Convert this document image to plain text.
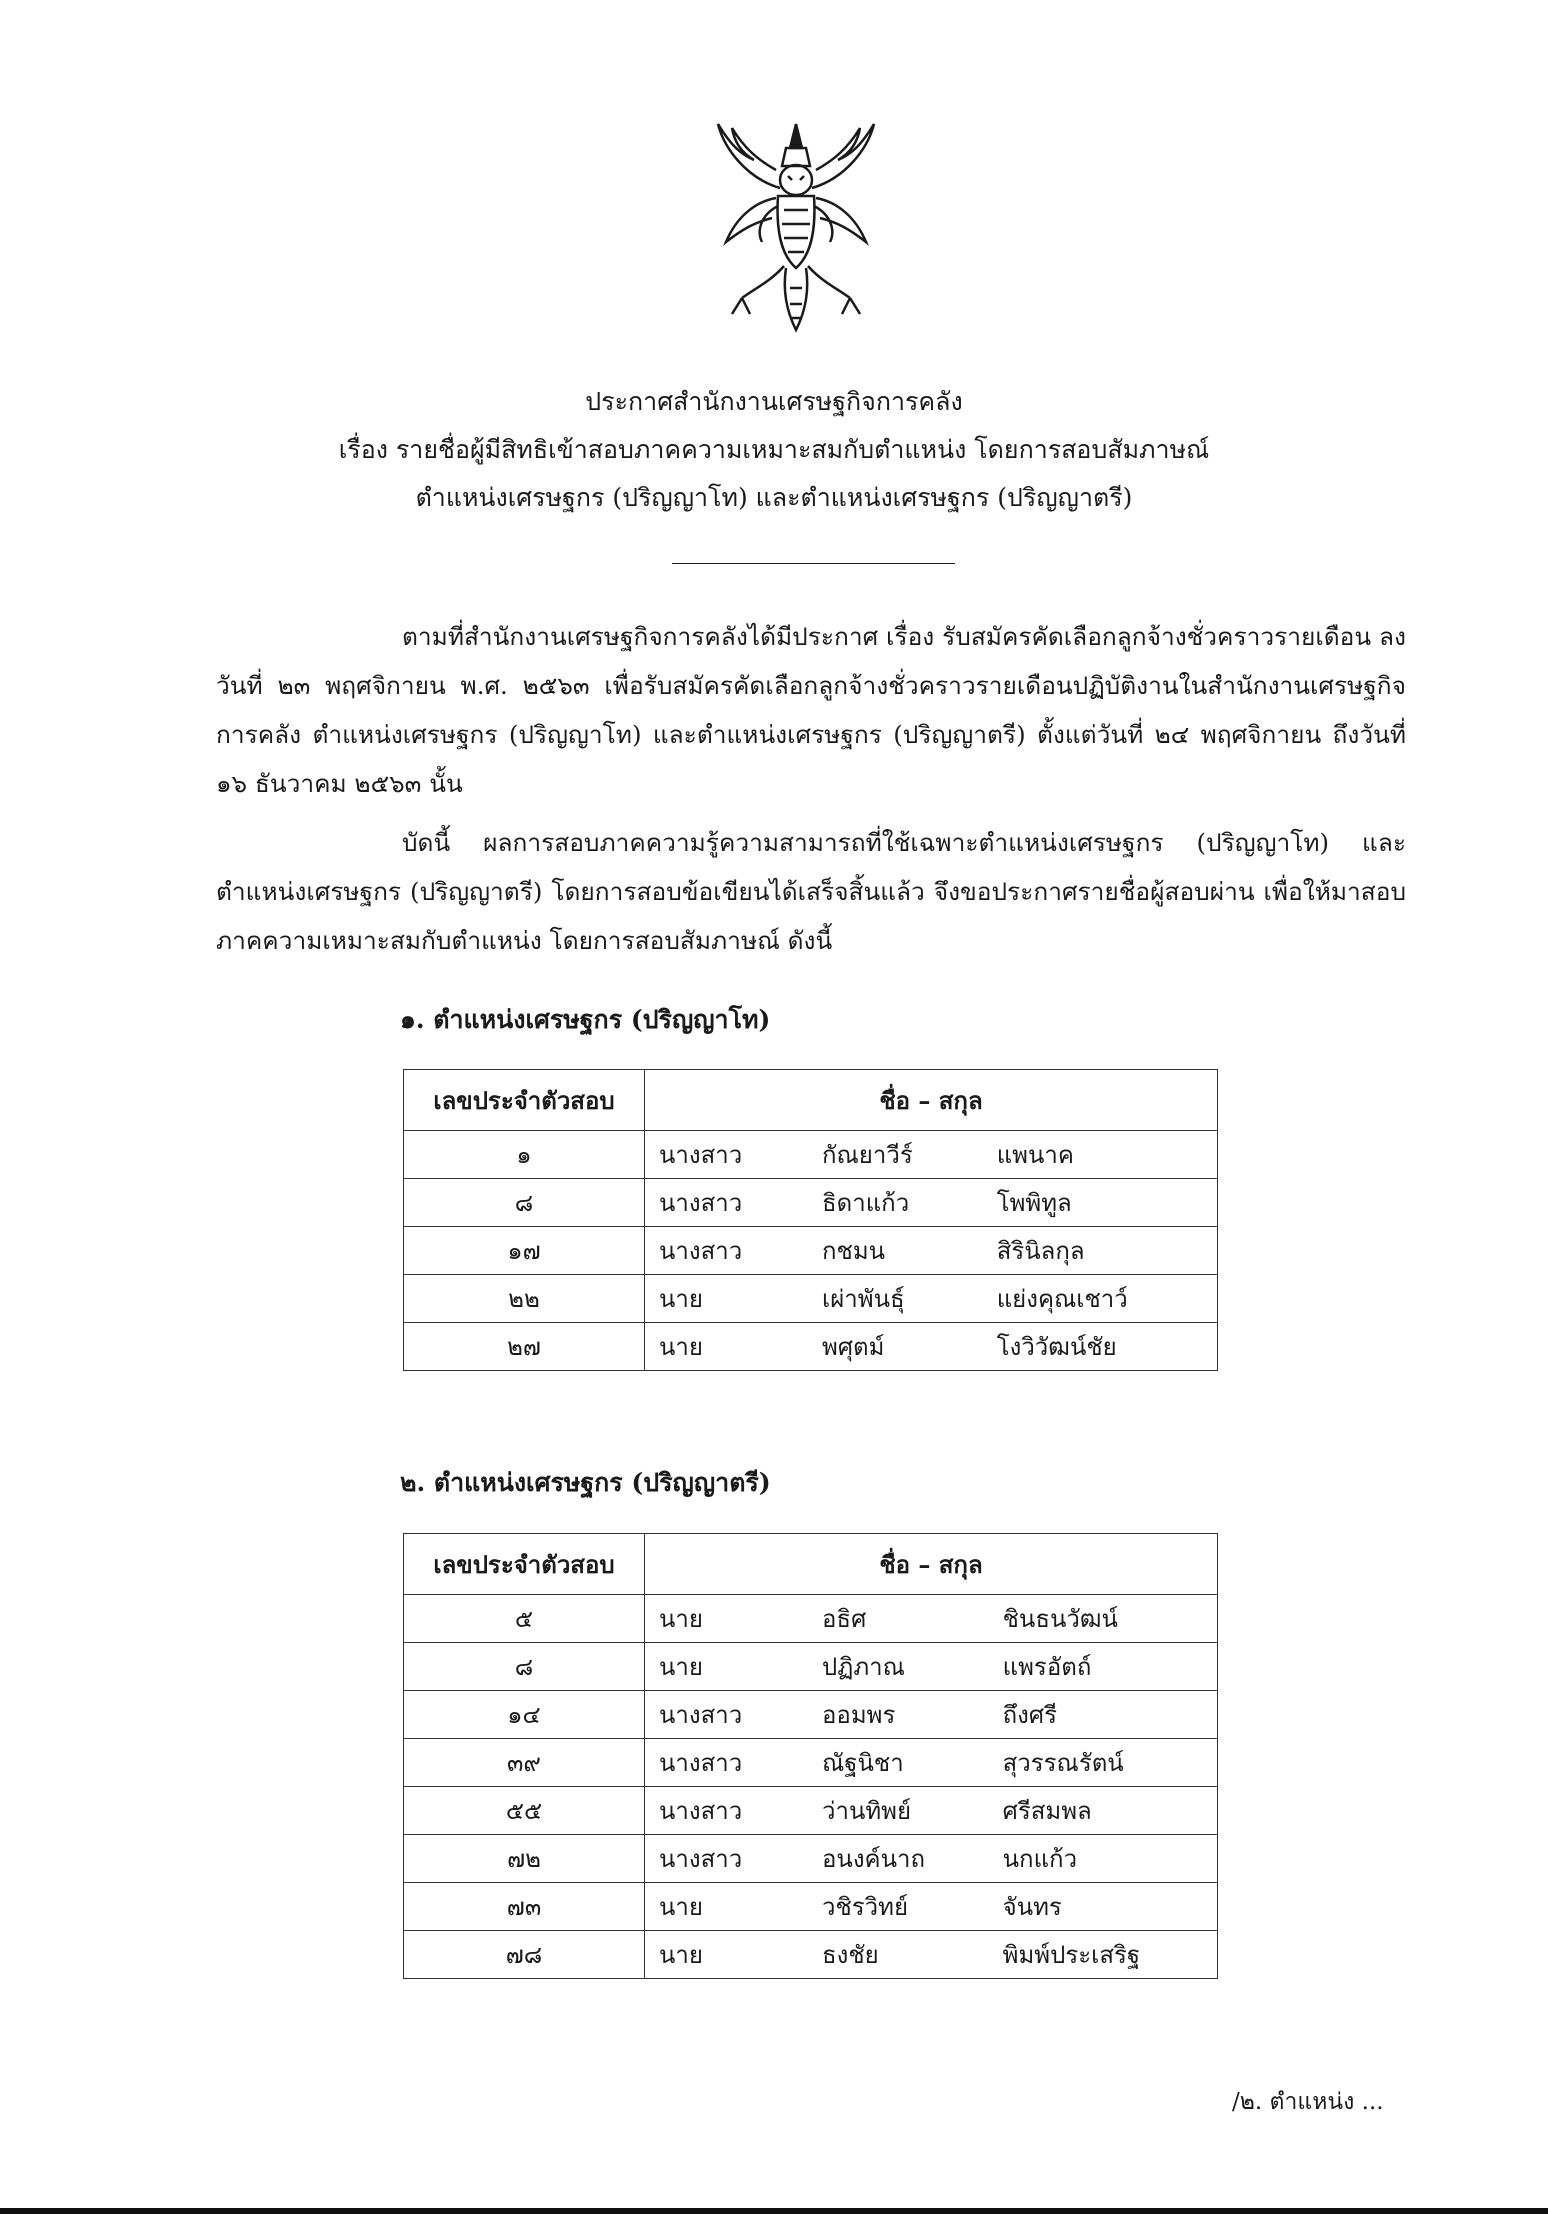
ประกาศสำนักงานเศรษฐกิจการคลัง
เรื่อง รายชื่อผู้มีสิทธิเข้าสอบภาคความเหมาะสมกับตำแหน่ง โดยการสอบสัมภาษณ์
ตำแหน่งเศรษฐกร (ปริญญาโท) และตำแหน่งเศรษฐกร (ปริญญาตรี)
ตามที่สำนักงานเศรษฐกิจการคลังได้มีประกาศ เรื่อง รับสมัครคัดเลือกลูกจ้างชั่วคราวรายเดือน ลงวันที่ ๒๓ พฤศจิกายน พ.ศ. ๒๕๖๓ เพื่อรับสมัครคัดเลือกลูกจ้างชั่วคราวรายเดือนปฏิบัติงานในสำนักงานเศรษฐกิจการคลัง ตำแหน่งเศรษฐกร (ปริญญาโท) และตำแหน่งเศรษฐกร (ปริญญาตรี) ตั้งแต่วันที่ ๒๔ พฤศจิกายน ถึงวันที่ ๑๖ ธันวาคม ๒๕๖๓ นั้น
บัดนี้ ผลการสอบภาคความรู้ความสามารถที่ใช้เฉพาะตำแหน่งเศรษฐกร (ปริญญาโท) และตำแหน่งเศรษฐกร (ปริญญาตรี) โดยการสอบข้อเขียนได้เสร็จสิ้นแล้ว จึงขอประกาศรายชื่อผู้สอบผ่าน เพื่อให้มาสอบภาคความเหมาะสมกับตำแหน่ง โดยการสอบสัมภาษณ์ ดังนี้
๑. ตำแหน่งเศรษฐกร (ปริญญาโท)
เลขประจำตัวสอบ	ชื่อ – สกุล		
๑	นางสาว	กัณยาวีร์	แพนาค
๘	นางสาว	ธิดาแก้ว	โพพิทูล
๑๗	นางสาว	กชมน	สิรินิลกุล
๒๒	นาย	เผ่าพันธุ์	แย่งคุณเชาว์
๒๗	นาย	พศุตม์	โงวิวัฒน์ชัย
๒. ตำแหน่งเศรษฐกร (ปริญญาตรี)
เลขประจำตัวสอบ	ชื่อ – สกุล		
๕	นาย	อธิศ	ชินธนวัฒน์
๘	นาย	ปฏิภาณ	แพรอัตถ์
๑๔	นางสาว	ออมพร	ถึงศรี
๓๙	นางสาว	ณัฐนิชา	สุวรรณรัตน์
๕๕	นางสาว	ว่านทิพย์	ศรีสมพล
๗๒	นางสาว	อนงค์นาถ	นกแก้ว
๗๓	นาย	วชิรวิทย์	จันทร
๗๘	นาย	ธงชัย	พิมพ์ประเสริฐ
/๒. ตำแหน่ง ...
